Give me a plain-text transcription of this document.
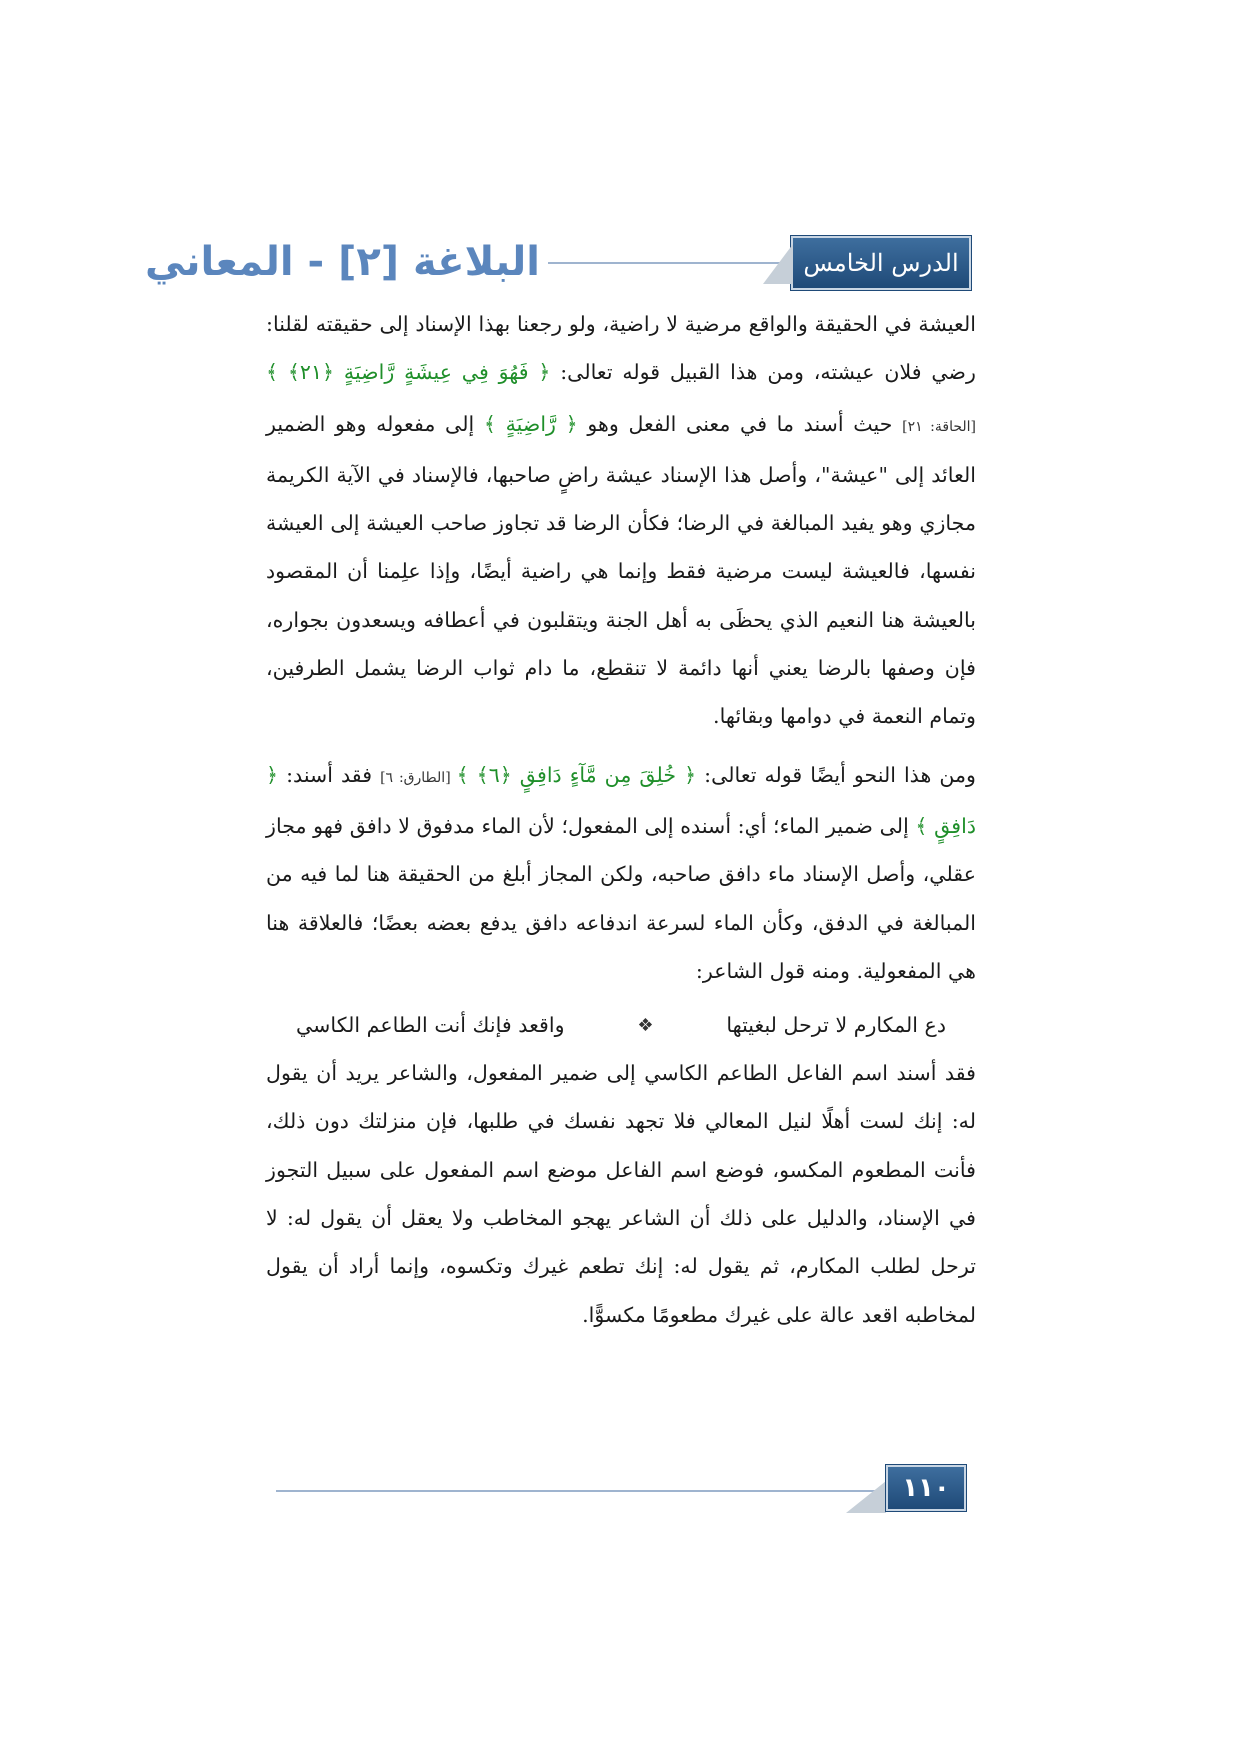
الدرس الخامس
البلاغة [٢] - المعاني

العيشة في الحقيقة والواقع مرضية لا راضية، ولو رجعنا بهذا الإسناد إلى حقيقته لقلنا: رضي فلان عيشته، ومن هذا القبيل قوله تعالى: ﴿ فَهُوَ فِي عِيشَةٍ رَّاضِيَةٍ ﴿٢١﴾ ﴾ [الحاقة: ٢١] حيث أسند ما في معنى الفعل وهو ﴿ رَّاضِيَةٍ ﴾ إلى مفعوله وهو الضمير العائد إلى "عيشة"، وأصل هذا الإسناد عيشة راضٍ صاحبها، فالإسناد في الآية الكريمة مجازي وهو يفيد المبالغة في الرضا؛ فكأن الرضا قد تجاوز صاحب العيشة إلى العيشة نفسها، فالعيشة ليست مرضية فقط وإنما هي راضية أيضًا، وإذا علِمنا أن المقصود بالعيشة هنا النعيم الذي يحظَى به أهل الجنة ويتقلبون في أعطافه ويسعدون بجواره، فإن وصفها بالرضا يعني أنها دائمة لا تنقطع، ما دام ثواب الرضا يشمل الطرفين، وتمام النعمة في دوامها وبقائها.

ومن هذا النحو أيضًا قوله تعالى: ﴿ خُلِقَ مِن مَّآءٍ دَافِقٍ ﴿٦﴾ ﴾ [الطارق: ٦] فقد أسند: ﴿ دَافِقٍ ﴾ إلى ضمير الماء؛ أي: أسنده إلى المفعول؛ لأن الماء مدفوق لا دافق فهو مجاز عقلي، وأصل الإسناد ماء دافق صاحبه، ولكن المجاز أبلغ من الحقيقة هنا لما فيه من المبالغة في الدفق، وكأن الماء لسرعة اندفاعه دافق يدفع بعضه بعضًا؛ فالعلاقة هنا هي المفعولية. ومنه قول الشاعر:

دع المكارم لا ترحل لبغيتها
❖
واقعد فإنك أنت الطاعم الكاسي

فقد أسند اسم الفاعل الطاعم الكاسي إلى ضمير المفعول، والشاعر يريد أن يقول له: إنك لست أهلًا لنيل المعالي فلا تجهد نفسك في طلبها، فإن منزلتك دون ذلك، فأنت المطعوم المكسو، فوضع اسم الفاعل موضع اسم المفعول على سبيل التجوز في الإسناد، والدليل على ذلك أن الشاعر يهجو المخاطب ولا يعقل أن يقول له: لا ترحل لطلب المكارم، ثم يقول له: إنك تطعم غيرك وتكسوه، وإنما أراد أن يقول لمخاطبه اقعد عالة على غيرك مطعومًا مكسوًّا.

١١٠
